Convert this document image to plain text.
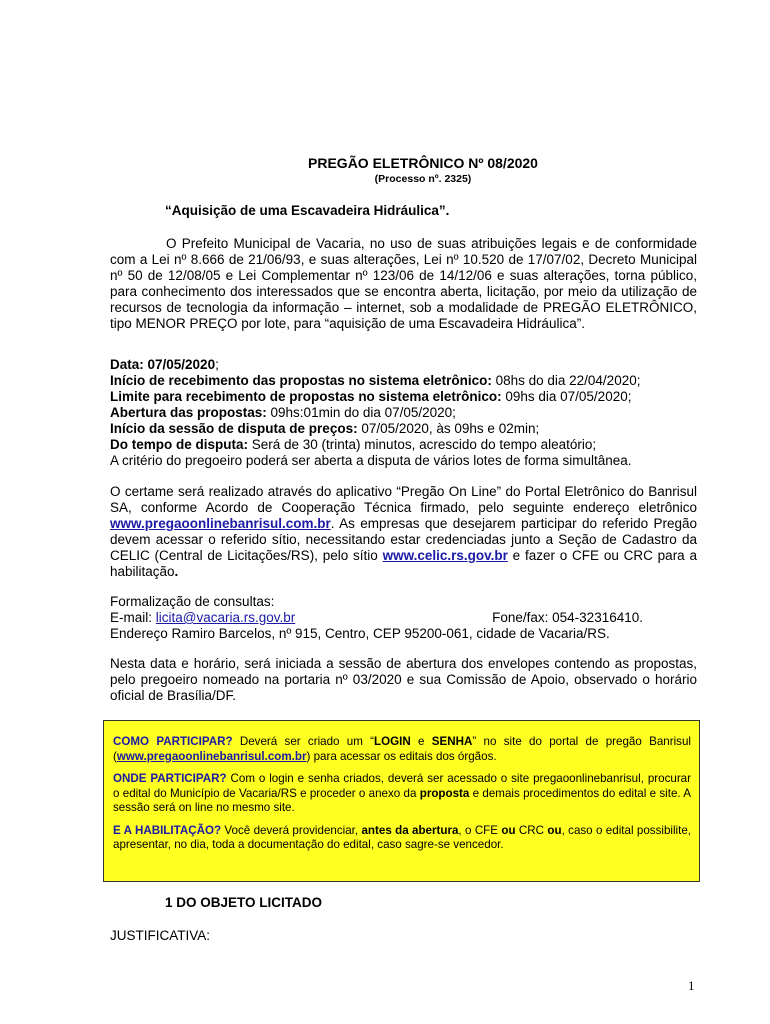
PREGÃO ELETRÔNICO Nº 08/2020
(Processo nº. 2325)
“Aquisição de uma Escavadeira Hidráulica”.

O Prefeito Municipal de Vacaria, no uso de suas atribuições legais e de conformidade com a Lei nº 8.666 de 21/06/93, e suas alterações, Lei nº 10.520 de 17/07/02, Decreto Municipal nº 50 de 12/08/05 e Lei Complementar nº 123/06 de 14/12/06 e suas alterações, torna público, para conhecimento dos interessados que se encontra aberta, licitação, por meio da utilização de recursos de tecnologia da informação – internet, sob a modalidade de PREGÃO ELETRÔNICO, tipo MENOR PREÇO por lote, para “aquisição de uma Escavadeira Hidráulica”.

Data: 07/05/2020;
Início de recebimento das propostas no sistema eletrônico: 08hs do dia 22/04/2020;
Limite para recebimento de propostas no sistema eletrônico: 09hs dia 07/05/2020;
Abertura das propostas: 09hs:01min do dia 07/05/2020;
Início da sessão de disputa de preços: 07/05/2020, às 09hs e 02min;
Do tempo de disputa: Será de 30 (trinta) minutos, acrescido do tempo aleatório;
A critério do pregoeiro poderá ser aberta a disputa de vários lotes de forma simultânea.

O certame será realizado através do aplicativo “Pregão On Line” do Portal Eletrônico do Banrisul SA, conforme Acordo de Cooperação Técnica firmado, pelo seguinte endereço eletrônico www.pregaoonlinebanrisul.com.br. As empresas que desejarem participar do referido Pregão devem acessar o referido sítio, necessitando estar credenciadas junto a Seção de Cadastro da CELIC (Central de Licitações/RS), pelo sítio www.celic.rs.gov.br e fazer o CFE ou CRC para a habilitação.

Formalização de consultas:
E-mail: licita@vacaria.rs.gov.br	Fone/fax: 054-32316410.
Endereço Ramiro Barcelos, nº 915, Centro, CEP 95200-061, cidade de Vacaria/RS.

Nesta data e horário, será iniciada a sessão de abertura dos envelopes contendo as propostas, pelo pregoeiro nomeado na portaria nº 03/2020 e sua Comissão de Apoio, observado o horário oficial de Brasília/DF.

COMO PARTICIPAR? Deverá ser criado um “LOGIN e SENHA” no site do portal de pregão Banrisul (www.pregaoonlinebanrisul.com.br) para acessar os editais dos órgãos.

ONDE PARTICIPAR? Com o login e senha criados, deverá ser acessado o site pregaoonlinebanrisul, procurar o edital do Município de Vacaria/RS e proceder o anexo da proposta e demais procedimentos do edital e site. A sessão será on line no mesmo site.

E A HABILITAÇÃO? Você deverá providenciar, antes da abertura, o CFE ou CRC ou, caso o edital possibilite, apresentar, no dia, toda a documentação do edital, caso sagre-se vencedor.

1 DO OBJETO LICITADO
JUSTIFICATIVA:
1
